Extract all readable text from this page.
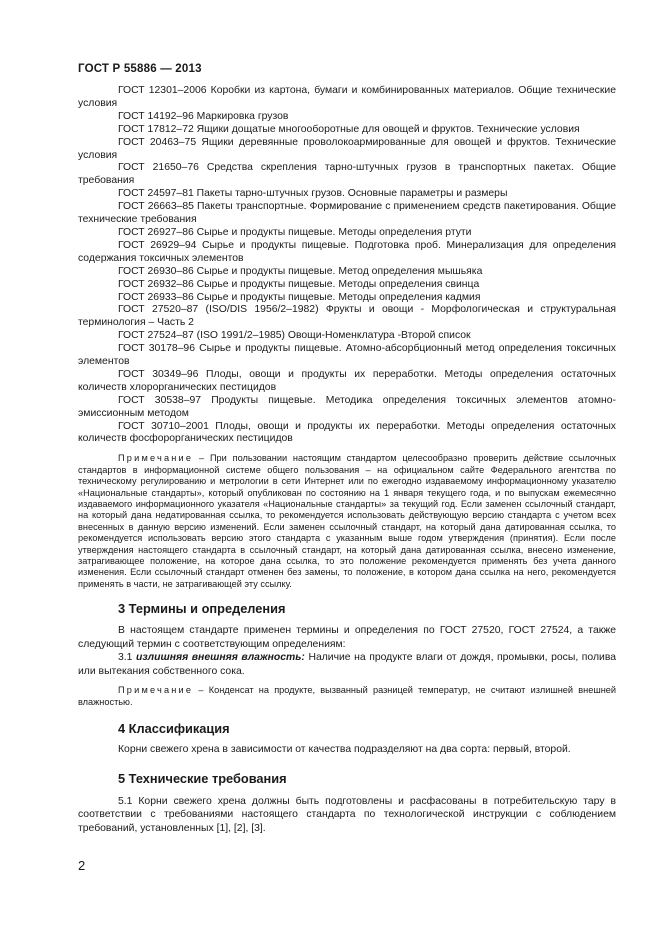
ГОСТ Р 55886 — 2013

ГОСТ 12301–2006 Коробки из картона, бумаги и комбинированных материалов. Общие технические условия

ГОСТ 14192–96 Маркировка грузов

ГОСТ 17812–72 Ящики дощатые многооборотные для овощей и фруктов. Технические условия

ГОСТ 20463–75 Ящики деревянные проволокоармированные для овощей и фруктов. Технические условия

ГОСТ 21650–76 Средства скрепления тарно-штучных грузов в транспортных пакетах. Общие требования

ГОСТ 24597–81 Пакеты тарно-штучных грузов. Основные параметры и размеры

ГОСТ 26663–85 Пакеты транспортные. Формирование с применением средств пакетирования. Общие технические требования

ГОСТ 26927–86 Сырье и продукты пищевые. Методы определения ртути

ГОСТ 26929–94 Сырье и продукты пищевые. Подготовка проб. Минерализация для определения содержания токсичных элементов

ГОСТ 26930–86 Сырье и продукты пищевые. Метод определения мышьяка

ГОСТ 26932–86 Сырье и продукты пищевые. Методы определения свинца

ГОСТ 26933–86 Сырье и продукты пищевые. Методы определения кадмия

ГОСТ 27520–87 (ISO/DIS 1956/2–1982) Фрукты и овощи - Морфологическая и структуральная терминология – Часть 2

ГОСТ 27524–87 (ISO 1991/2–1985) Овощи-Номенклатура -Второй список

ГОСТ 30178–96 Сырье и продукты пищевые. Атомно-абсорбционный метод определения токсичных элементов

ГОСТ 30349–96 Плоды, овощи и продукты их переработки. Методы определения остаточных количеств хлорорганических пестицидов

ГОСТ 30538–97 Продукты пищевые. Методика определения токсичных элементов атомно-эмиссионным методом

ГОСТ 30710–2001 Плоды, овощи и продукты их переработки. Методы определения остаточных количеств фосфорорганических пестицидов

Примечание – При пользовании настоящим стандартом целесообразно проверить действие ссылочных стандартов в информационной системе общего пользования – на официальном сайте Федерального агентства по техническому регулированию и метрологии в сети Интернет или по ежегодно издаваемому информационному указателю «Национальные стандарты», который опубликован по состоянию на 1 января текущего года, и по выпускам ежемесячно издаваемого информационного указателя «Национальные стандарты» за текущий год. Если заменен ссылочный стандарт, на который дана недатированная ссылка, то рекомендуется использовать действующую версию стандарта с учетом всех внесенных в данную версию изменений. Если заменен ссылочный стандарт, на который дана датированная ссылка, то рекомендуется использовать версию этого стандарта с указанным выше годом утверждения (принятия). Если после утверждения настоящего стандарта в ссылочный стандарт, на который дана датированная ссылка, внесено изменение, затрагивающее положение, на которое дана ссылка, то это положение рекомендуется применять без учета данного изменения. Если ссылочный стандарт отменен без замены, то положение, в котором дана ссылка на него, рекомендуется применять в части, не затрагивающей эту ссылку.

3 Термины и определения

В настоящем стандарте применен термины и определения по ГОСТ 27520, ГОСТ 27524, а также следующий термин с соответствующим определениям:

3.1 излишняя внешняя влажность: Наличие на продукте влаги от дождя, промывки, росы, полива или вытекания собственного сока.

Примечание – Конденсат на продукте, вызванный разницей температур, не считают излишней внешней влажностью.

4 Классификация

Корни свежего хрена в зависимости от качества подразделяют на два сорта: первый, второй.

5 Технические требования

5.1 Корни свежего хрена должны быть подготовлены и расфасованы в потребительскую тару в соответствии с требованиями настоящего стандарта по технологической инструкции с соблюдением требований, установленных [1], [2], [3].

2
